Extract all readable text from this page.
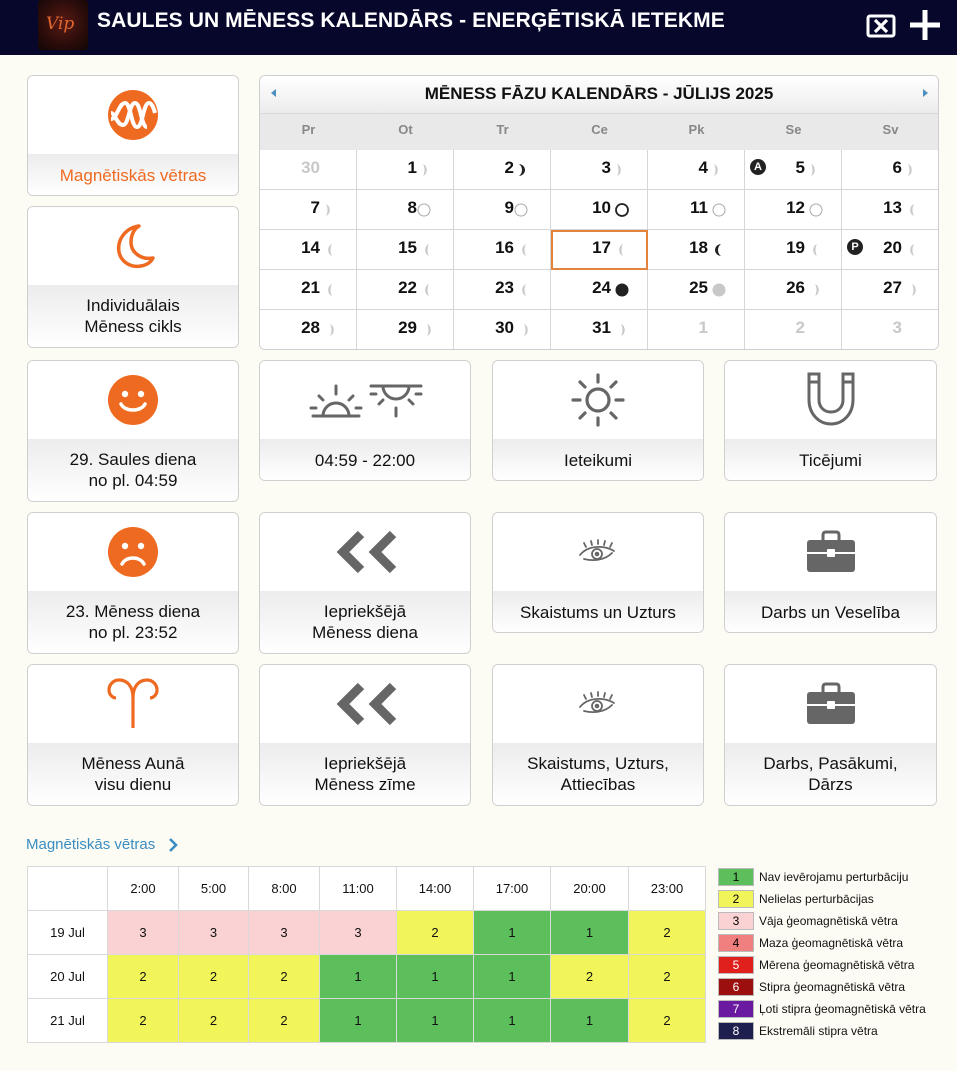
Vip SAULES UN MĒNESS KALENDĀRS - ENERĢĒTISKĀ IETEKME
Magnētiskās vētras
Individuālais
Mēness cikls
29. Saules diena
no pl. 04:59
23. Mēness diena
no pl. 23:52
Mēness Aunā
visu dienu
MĒNESS FĀZU KALENDĀRS - JŪLIJS 2025
Pr	Ot	Tr	Ce	Pk	Se	Sv
30	1	2	3	4	5	6
7	8	9	10	11	12	13
14	15	16	17	18	19	20
21	22	23	24	25	26	27
28	29	30	31	1	2	3
A
P
04:59 - 22:00	Ieteikumi	Ticējumi
Iepriekšējā
Mēness diena
Skaistums un Uzturs	Darbs un Veselība
Iepriekšējā
Mēness zīme
Skaistums, Uzturs,
Attiecības
Darbs, Pasākumi,
Dārzs
Magnētiskās vētras
	2:00	5:00	8:00	11:00	14:00	17:00	20:00	23:00
19 Jul	3	3	3	3	2	1	1	2
20 Jul	2	2	2	1	1	1	2	2
21 Jul	2	2	2	1	1	1	1	2
1	Nav ievērojamu perturbāciju
2	Nelielas perturbācijas
3	Vāja ģeomagnētiskā vētra
4	Maza ģeomagnētiskā vētra
5	Mērena ģeomagnētiskā vētra
6	Stipra ģeomagnētiskā vētra
7	Ļoti stipra ģeomagnētiskā vētra
8	Ekstremāli stipra vētra
